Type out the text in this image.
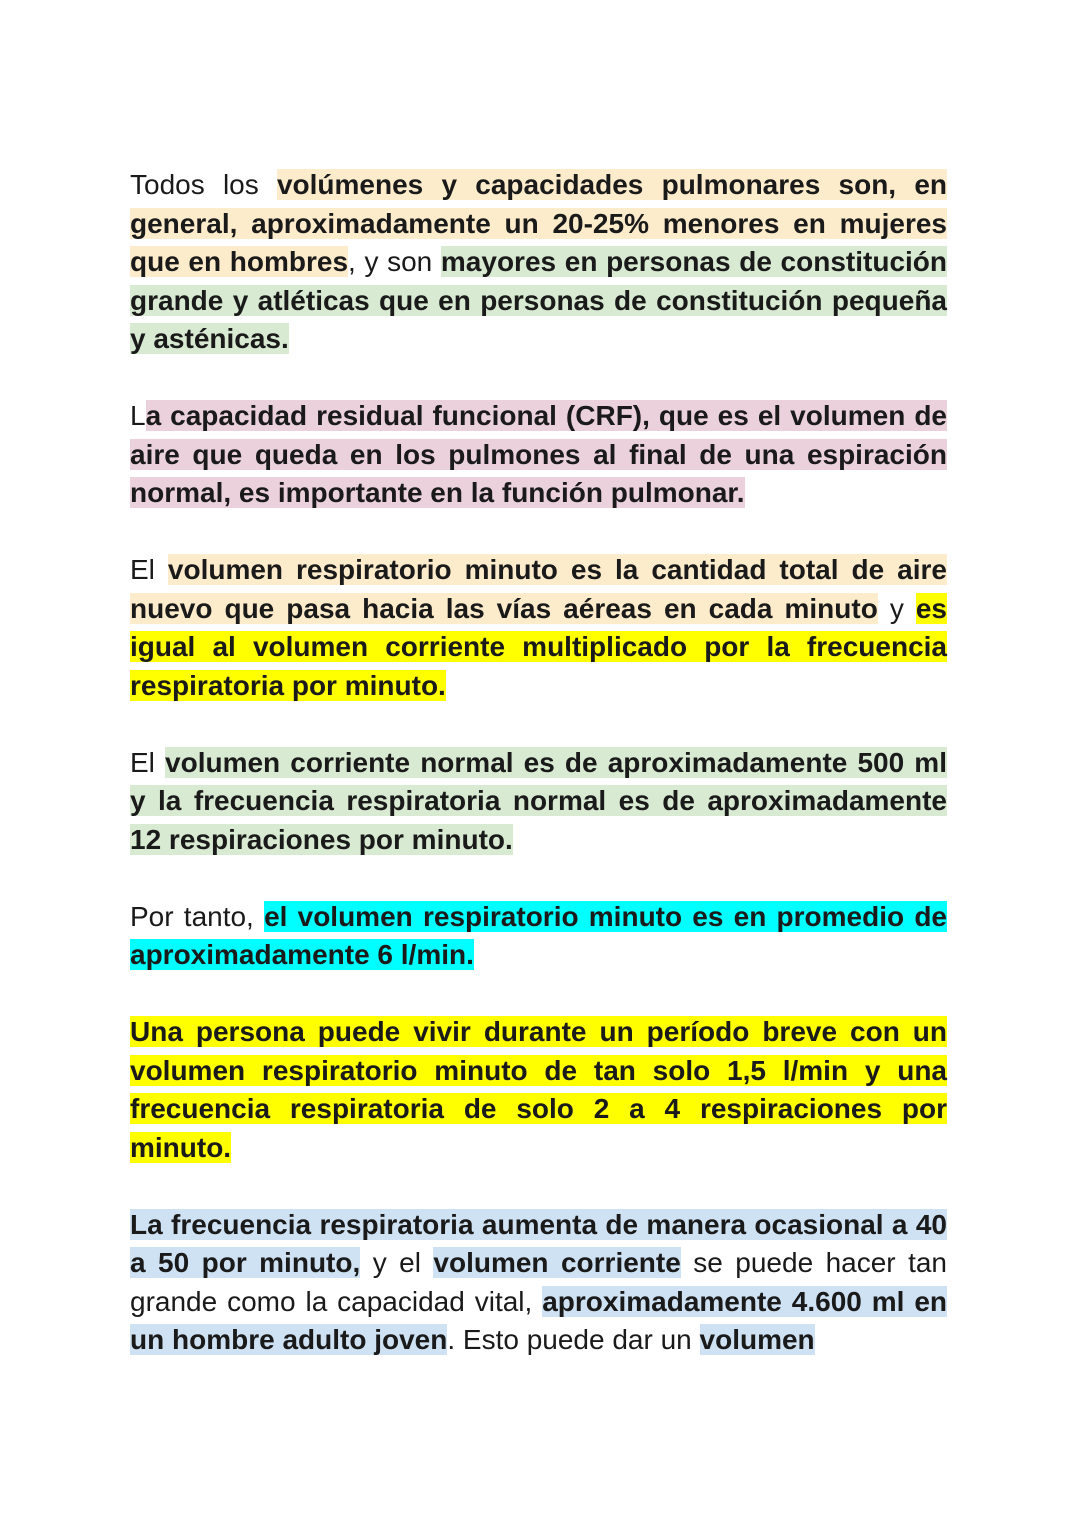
Todos los volúmenes y capacidades pulmonares son, en general, aproximadamente un 20-25% menores en mujeres que en hombres, y son mayores en personas de constitución grande y atléticas que en personas de constitución pequeña y asténicas.

La capacidad residual funcional (CRF), que es el volumen de aire que queda en los pulmones al final de una espiración normal, es importante en la función pulmonar.

El volumen respiratorio minuto es la cantidad total de aire nuevo que pasa hacia las vías aéreas en cada minuto y es igual al volumen corriente multiplicado por la frecuencia respiratoria por minuto.

El volumen corriente normal es de aproximadamente 500 ml y la frecuencia respiratoria normal es de aproximadamente 12 respiraciones por minuto.

Por tanto, el volumen respiratorio minuto es en promedio de aproximadamente 6 l/min.

Una persona puede vivir durante un período breve con un volumen respiratorio minuto de tan solo 1,5 l/min y una frecuencia respiratoria de solo 2 a 4 respiraciones por minuto.

La frecuencia respiratoria aumenta de manera ocasional a 40 a 50 por minuto, y el volumen corriente se puede hacer tan grande como la capacidad vital, aproximadamente 4.600 ml en un hombre adulto joven. Esto puede dar un volumen
